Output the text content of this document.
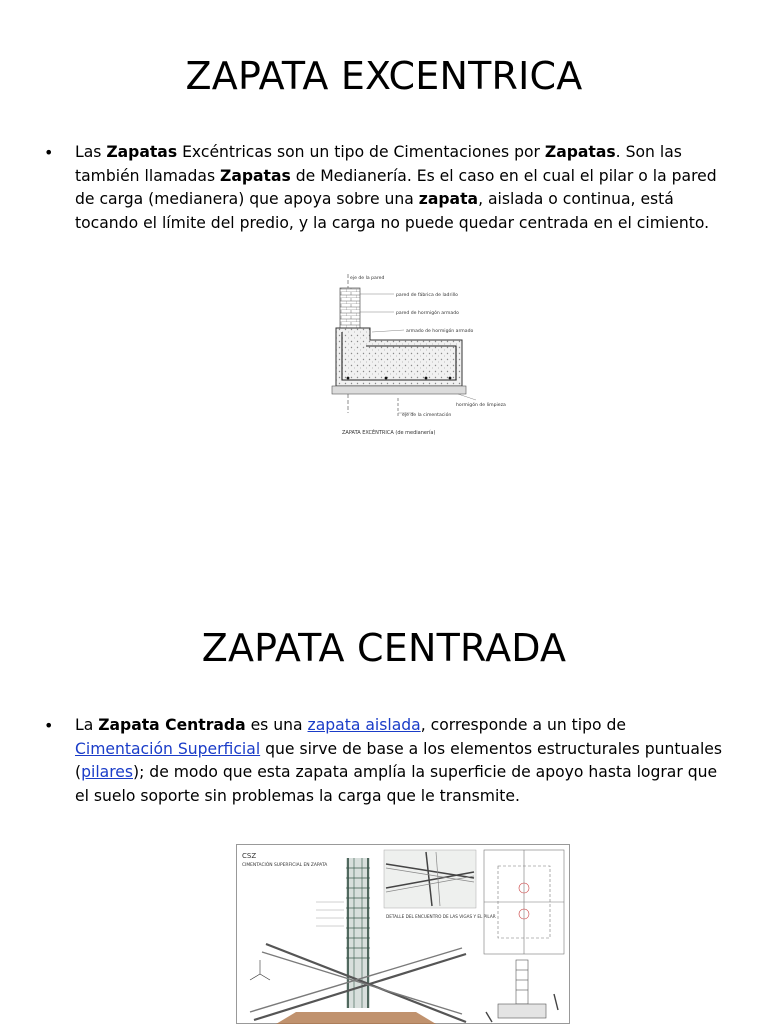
ZAPATA EXCENTRICA
• Las Zapatas Excéntricas son un tipo de Cimentaciones por Zapatas. Son las también llamadas Zapatas de Medianería. Es el caso en el cual el pilar o la pared de carga (medianera) que apoya sobre una zapata, aislada o continua, está tocando el límite del predio, y la carga no puede quedar centrada en el cimiento.
eje de la pared
pared de fábrica de ladrillo
pared de hormigón armado
armado de hormigón armado
hormigón de limpieza
eje de la cimentación
ZAPATA EXCÉNTRICA (de medianería)
ZAPATA CENTRADA
• La Zapata Centrada es una zapata aislada, corresponde a un tipo de Cimentación Superficial que sirve de base a los elementos estructurales puntuales (pilares); de modo que esta zapata amplía la superficie de apoyo hasta lograr que el suelo soporte sin problemas la carga que le transmite.
CSZ
CIMENTACIÓN SUPERFICIAL EN ZAPATA
DETALLE DEL ENCUENTRO DE LAS VIGAS Y EL PILAR
